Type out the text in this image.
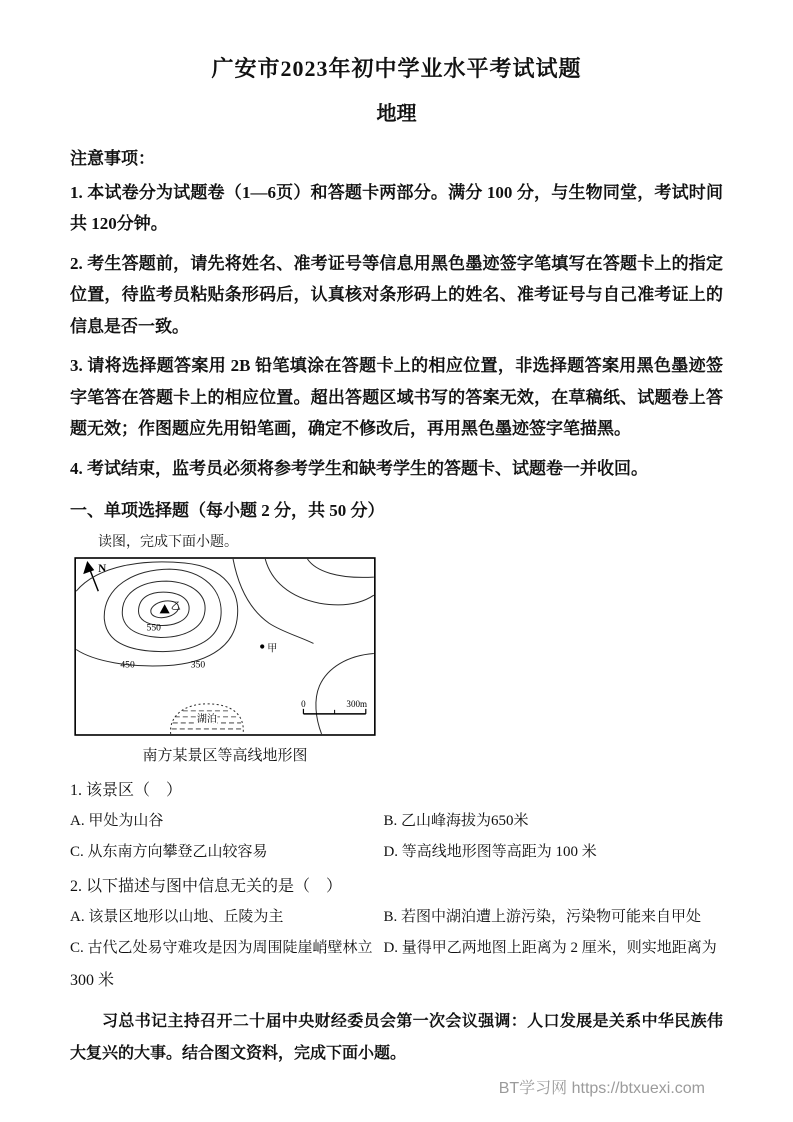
广安市2023年初中学业水平考试试题
地理
注意事项：

1. 本试卷分为试题卷（1—6页）和答题卡两部分。满分 100 分，与生物同堂，考试时间共 120分钟。

2. 考生答题前，请先将姓名、准考证号等信息用黑色墨迹签字笔填写在答题卡上的指定位置，待监考员粘贴条形码后，认真核对条形码上的姓名、准考证号与自己准考证上的信息是否一致。

3. 请将选择题答案用 2B 铅笔填涂在答题卡上的相应位置，非选择题答案用黑色墨迹签字笔答在答题卡上的相应位置。超出答题区域书写的答案无效，在草稿纸、试题卷上答题无效；作图题应先用铅笔画，确定不修改后，再用黑色墨迹签字笔描黑。

4. 考试结束，监考员必须将参考学生和缺考学生的答题卡、试题卷一并收回。

一、单项选择题（每小题 2 分，共 50 分）

读图，完成下面小题。

N
乙
550
450	350
甲
湖泊
0	300m
南方某景区等高线地形图

1. 该景区（　）

A. 甲处为山谷	B. 乙山峰海拔为650米
C. 从东南方向攀登乙山较容易	D. 等高线地形图等高距为 100 米

2. 以下描述与图中信息无关的是（　）

A. 该景区地形以山地、丘陵为主	B. 若图中湖泊遭上游污染，污染物可能来自甲处
C. 古代乙处易守难攻是因为周围陡崖峭壁林立 D. 量得甲乙两地图上距离为 2 厘米，则实地距离为

300 米

习总书记主持召开二十届中央财经委员会第一次会议强调：人口发展是关系中华民族伟大复兴的大事。结合图文资料，完成下面小题。

BT学习网 https://btxuexi.com
